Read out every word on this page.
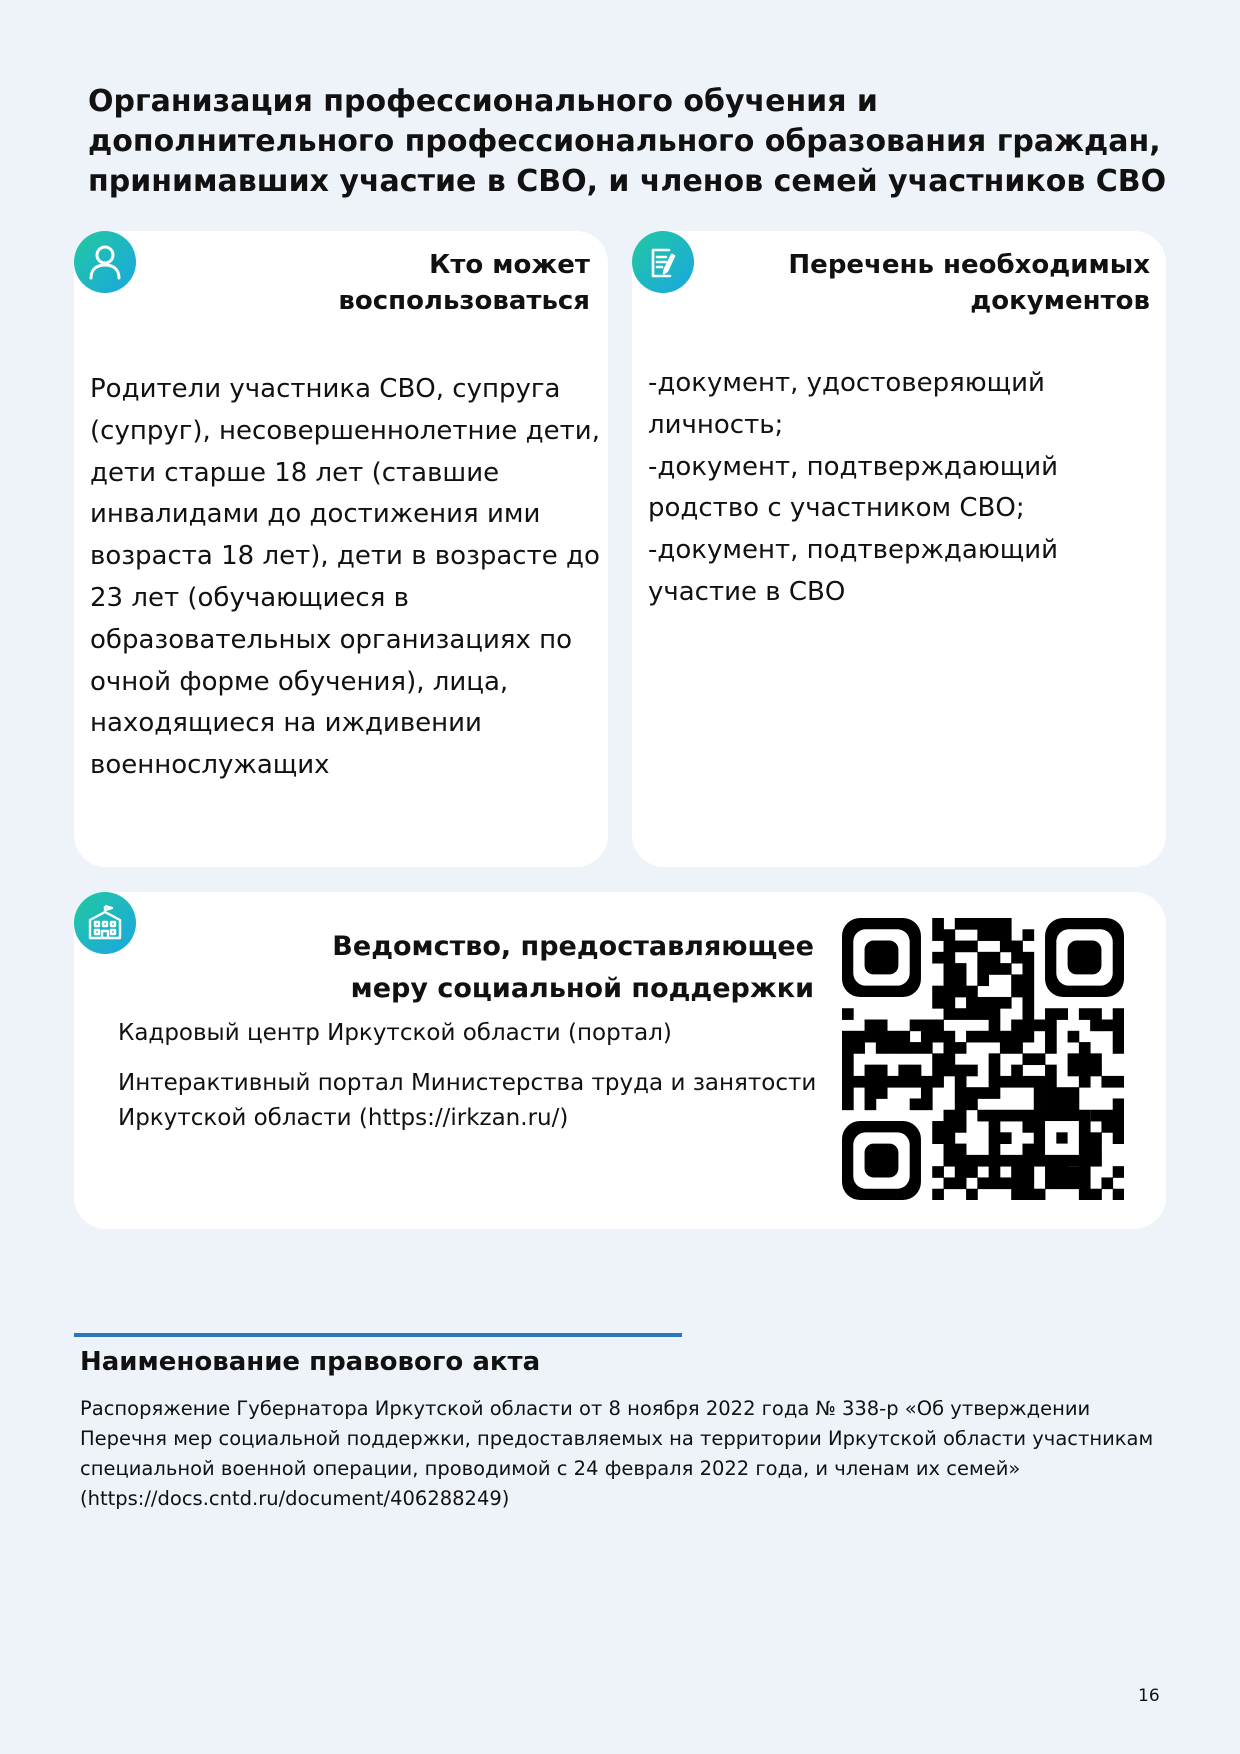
Организация профессионального обучения и дополнительного профессионального образования граждан, принимавших участие в СВО, и членов семей участников СВО
Кто может воспользоваться
Родители участника СВО, супруга (супруг), несовершеннолетние дети, дети старше 18 лет (ставшие инвалидами до достижения ими возраста 18 лет), дети в возрасте до 23 лет (обучающиеся в образовательных организациях по очной форме обучения), лица, находящиеся на иждивении военнослужащих
Перечень необходимых документов
-документ, удостоверяющий личность;
-документ, подтверждающий родство с участником СВО;
-документ, подтверждающий участие в СВО
Ведомство, предоставляющее меру социальной поддержки
Кадровый центр Иркутской области (портал)
Интерактивный портал Министерства труда и занятости Иркутской области (https://irkzan.ru/)
Наименование правового акта
Распоряжение Губернатора Иркутской области от 8 ноября 2022 года № 338-р «Об утверждении Перечня мер социальной поддержки, предоставляемых на территории Иркутской области участникам специальной военной операции, проводимой с 24 февраля 2022 года, и членам их семей» (https://docs.cntd.ru/document/406288249)
16
